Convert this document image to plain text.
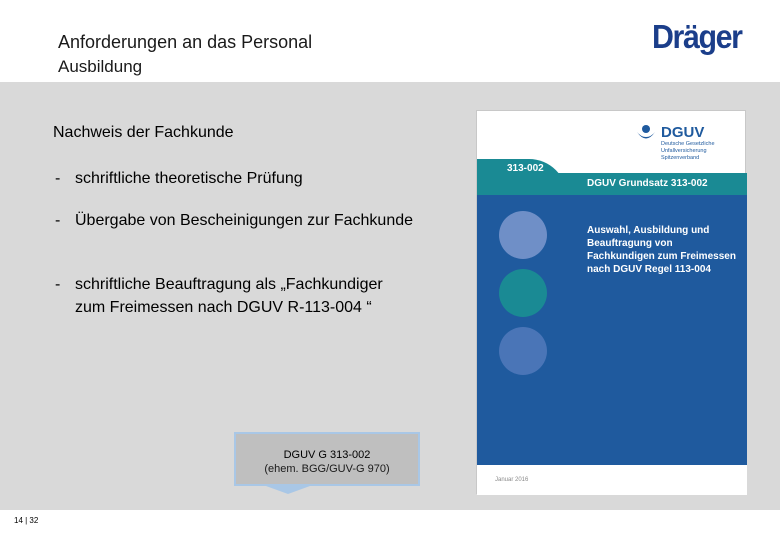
Anforderungen an das Personal
Ausbildung
Dräger
Nachweis der Fachkunde
- schriftliche theoretische Prüfung
- Übergabe von Bescheinigungen zur Fachkunde
- schriftliche Beauftragung als „Fachkundiger zum Freimessen nach DGUV R-113-004 “
DGUV G 313-002
(ehem. BGG/GUV-G 970)
DGUV
Deutsche Gesetzliche Unfallversicherung Spitzenverband
313-002
DGUV Grundsatz 313-002
Auswahl, Ausbildung und Beauftragung von Fachkundigen zum Freimessen nach DGUV Regel 113-004
Januar 2016
14 | 32
